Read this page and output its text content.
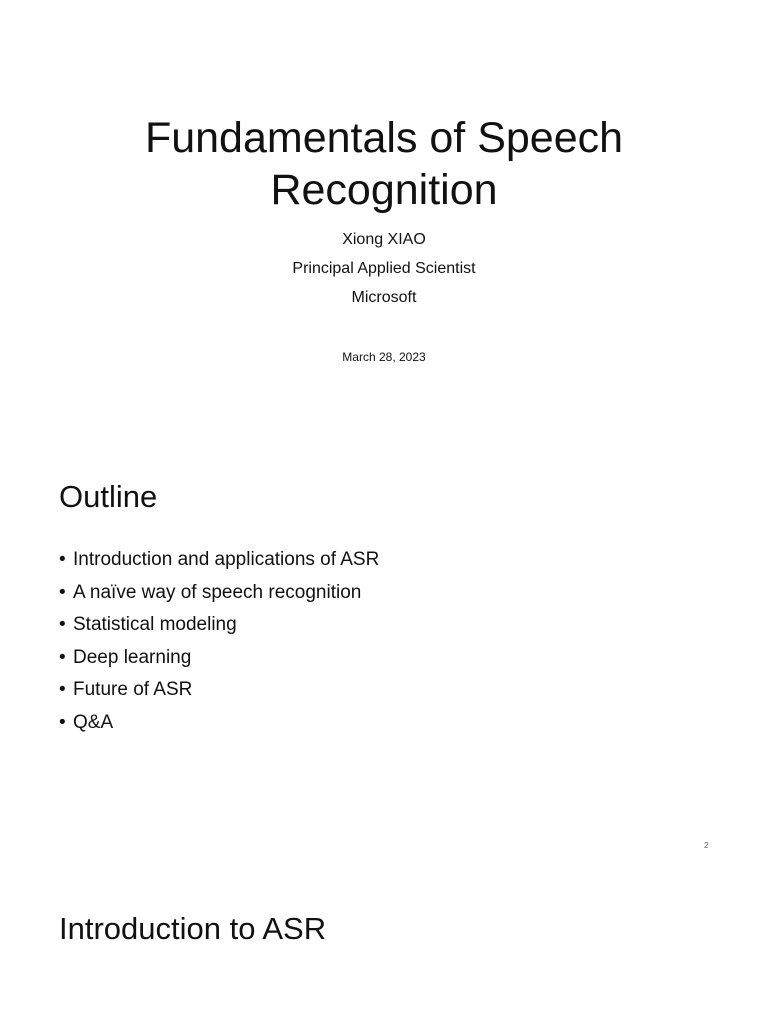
Fundamentals of Speech
Recognition
Xiong XIAO
Principal Applied Scientist
Microsoft
March 28, 2023
Outline
• Introduction and applications of ASR
• A naïve way of speech recognition
• Statistical modeling
• Deep learning
• Future of ASR
• Q&A
2
Introduction to ASR
